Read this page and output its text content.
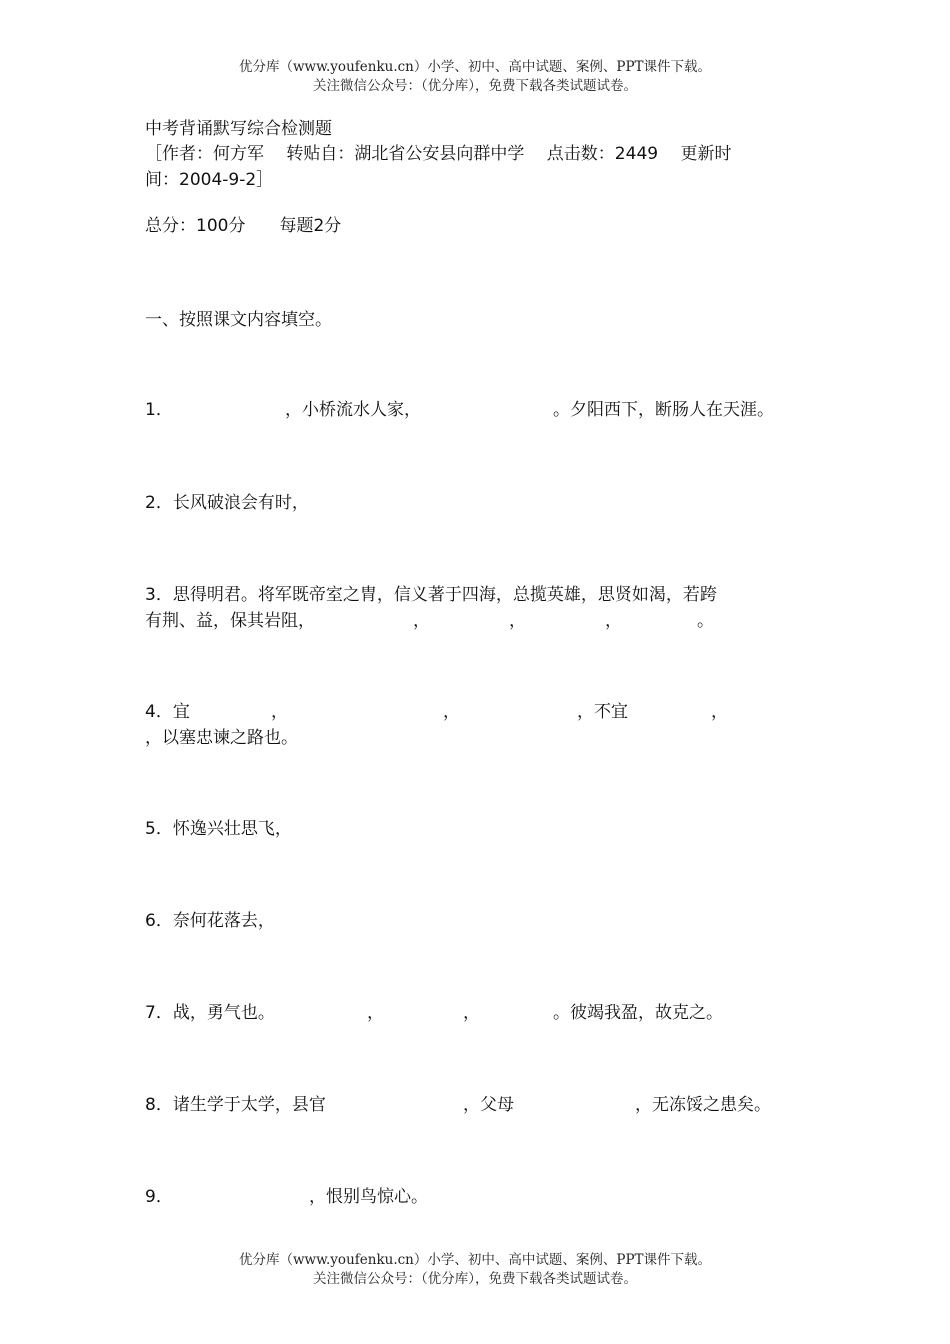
优分库（www.youfenku.cn）小学、初中、高中试题、案例、PPT课件下载。
关注微信公众号：（优分库），免费下载各类试题试卷。
中考背诵默写综合检测题
［作者：何方军　 转贴自：湖北省公安县向群中学　 点击数：2449　 更新时
间：2004-9-2］
总分：100分　　每题2分
一、按照课文内容填空。
1．	，小桥流水人家，	。夕阳西下，断肠人在天涯。
2．长风破浪会有时，
3．思得明君。将军既帝室之胄，信义著于四海，总揽英雄，思贤如渴，若跨
有荆、益，保其岩阻，	，	，	，	。
4．宜	，	，	，不宜	，
，以塞忠谏之路也。
5．怀逸兴壮思飞，
6．奈何花落去，
7．战，勇气也。	，	，	。彼竭我盈，故克之。
8．诸生学于太学，县官	，父母	，无冻馁之患矣。
9．	，恨别鸟惊心。
优分库（www.youfenku.cn）小学、初中、高中试题、案例、PPT课件下载。
关注微信公众号：（优分库），免费下载各类试题试卷。
